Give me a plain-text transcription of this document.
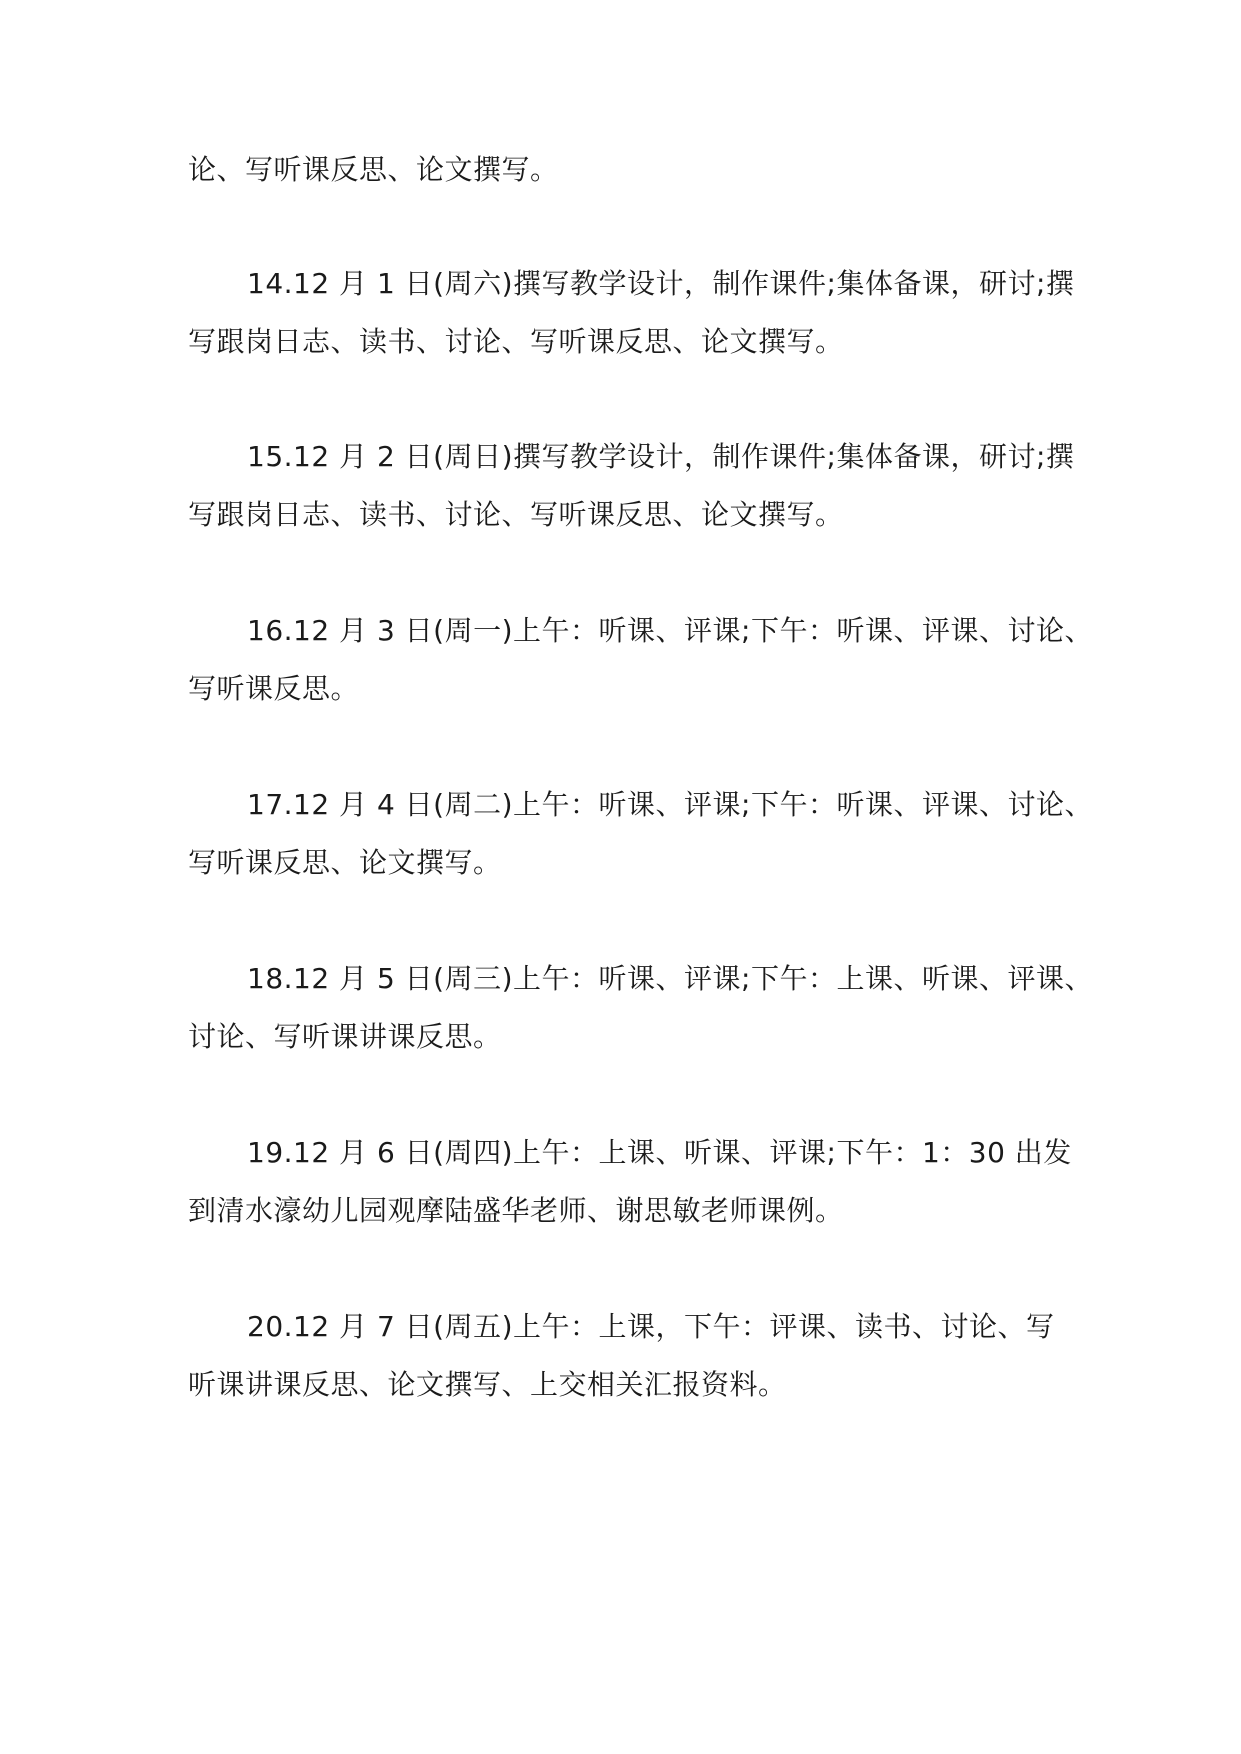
论、写听课反思、论文撰写。
14.12 月 1 日(周六)撰写教学设计，制作课件;集体备课，研讨;撰
写跟岗日志、读书、讨论、写听课反思、论文撰写。
15.12 月 2 日(周日)撰写教学设计，制作课件;集体备课，研讨;撰
写跟岗日志、读书、讨论、写听课反思、论文撰写。
16.12 月 3 日(周一)上午：听课、评课;下午：听课、评课、讨论、
写听课反思。
17.12 月 4 日(周二)上午：听课、评课;下午：听课、评课、讨论、
写听课反思、论文撰写。
18.12 月 5 日(周三)上午：听课、评课;下午：上课、听课、评课、
讨论、写听课讲课反思。
19.12 月 6 日(周四)上午：上课、听课、评课;下午：1：30 出发
到清水濠幼儿园观摩陆盛华老师、谢思敏老师课例。
20.12 月 7 日(周五)上午：上课，下午：评课、读书、讨论、写
听课讲课反思、论文撰写、上交相关汇报资料。
